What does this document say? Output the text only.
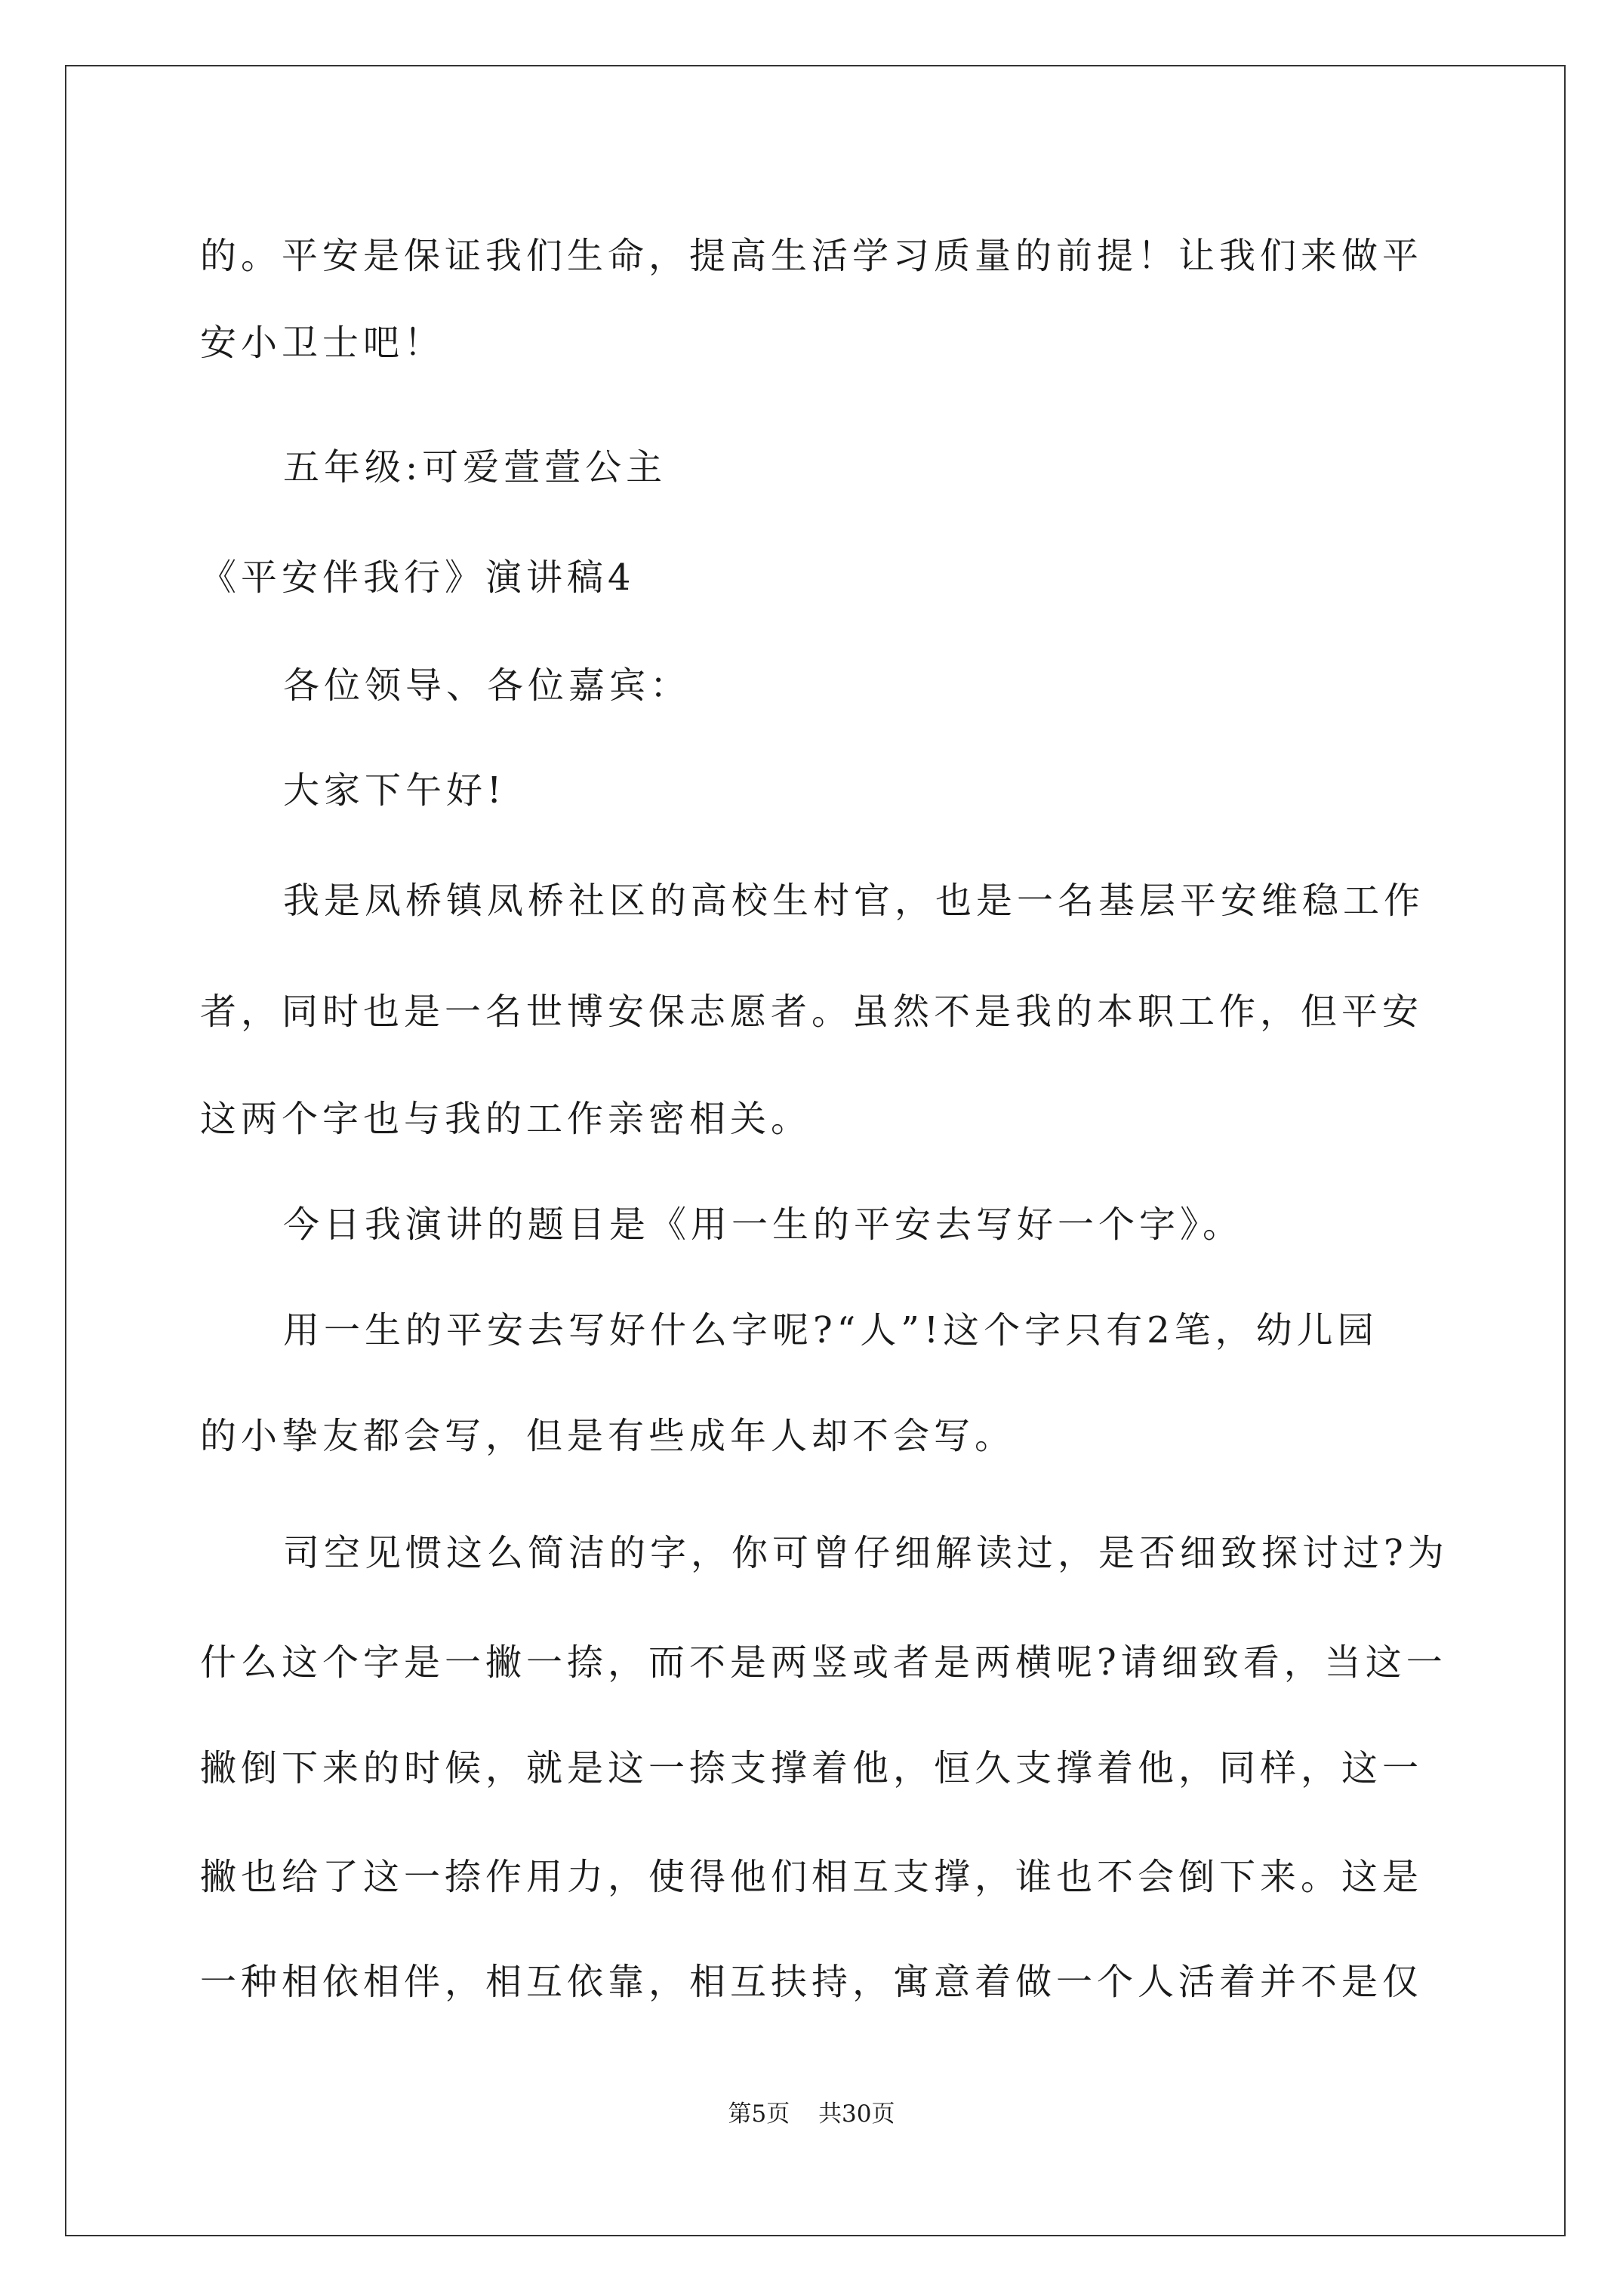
的。平安是保证我们生命，提高生活学习质量的前提！让我们来做平
安小卫士吧！
五年级:可爱萱萱公主
《平安伴我行》演讲稿4
各位领导、各位嘉宾：
大家下午好!
我是凤桥镇凤桥社区的高校生村官，也是一名基层平安维稳工作
者，同时也是一名世博安保志愿者。虽然不是我的本职工作，但平安
这两个字也与我的工作亲密相关。
今日我演讲的题目是《用一生的平安去写好一个字》。
用一生的平安去写好什么字呢?“人”!这个字只有2笔，幼儿园
的小挚友都会写，但是有些成年人却不会写。
司空见惯这么简洁的字，你可曾仔细解读过，是否细致探讨过?为
什么这个字是一撇一捺，而不是两竖或者是两横呢?请细致看，当这一
撇倒下来的时候，就是这一捺支撑着他，恒久支撑着他，同样，这一
撇也给了这一捺作用力，使得他们相互支撑，谁也不会倒下来。这是
一种相依相伴，相互依靠，相互扶持，寓意着做一个人活着并不是仅
第5页 共30页
